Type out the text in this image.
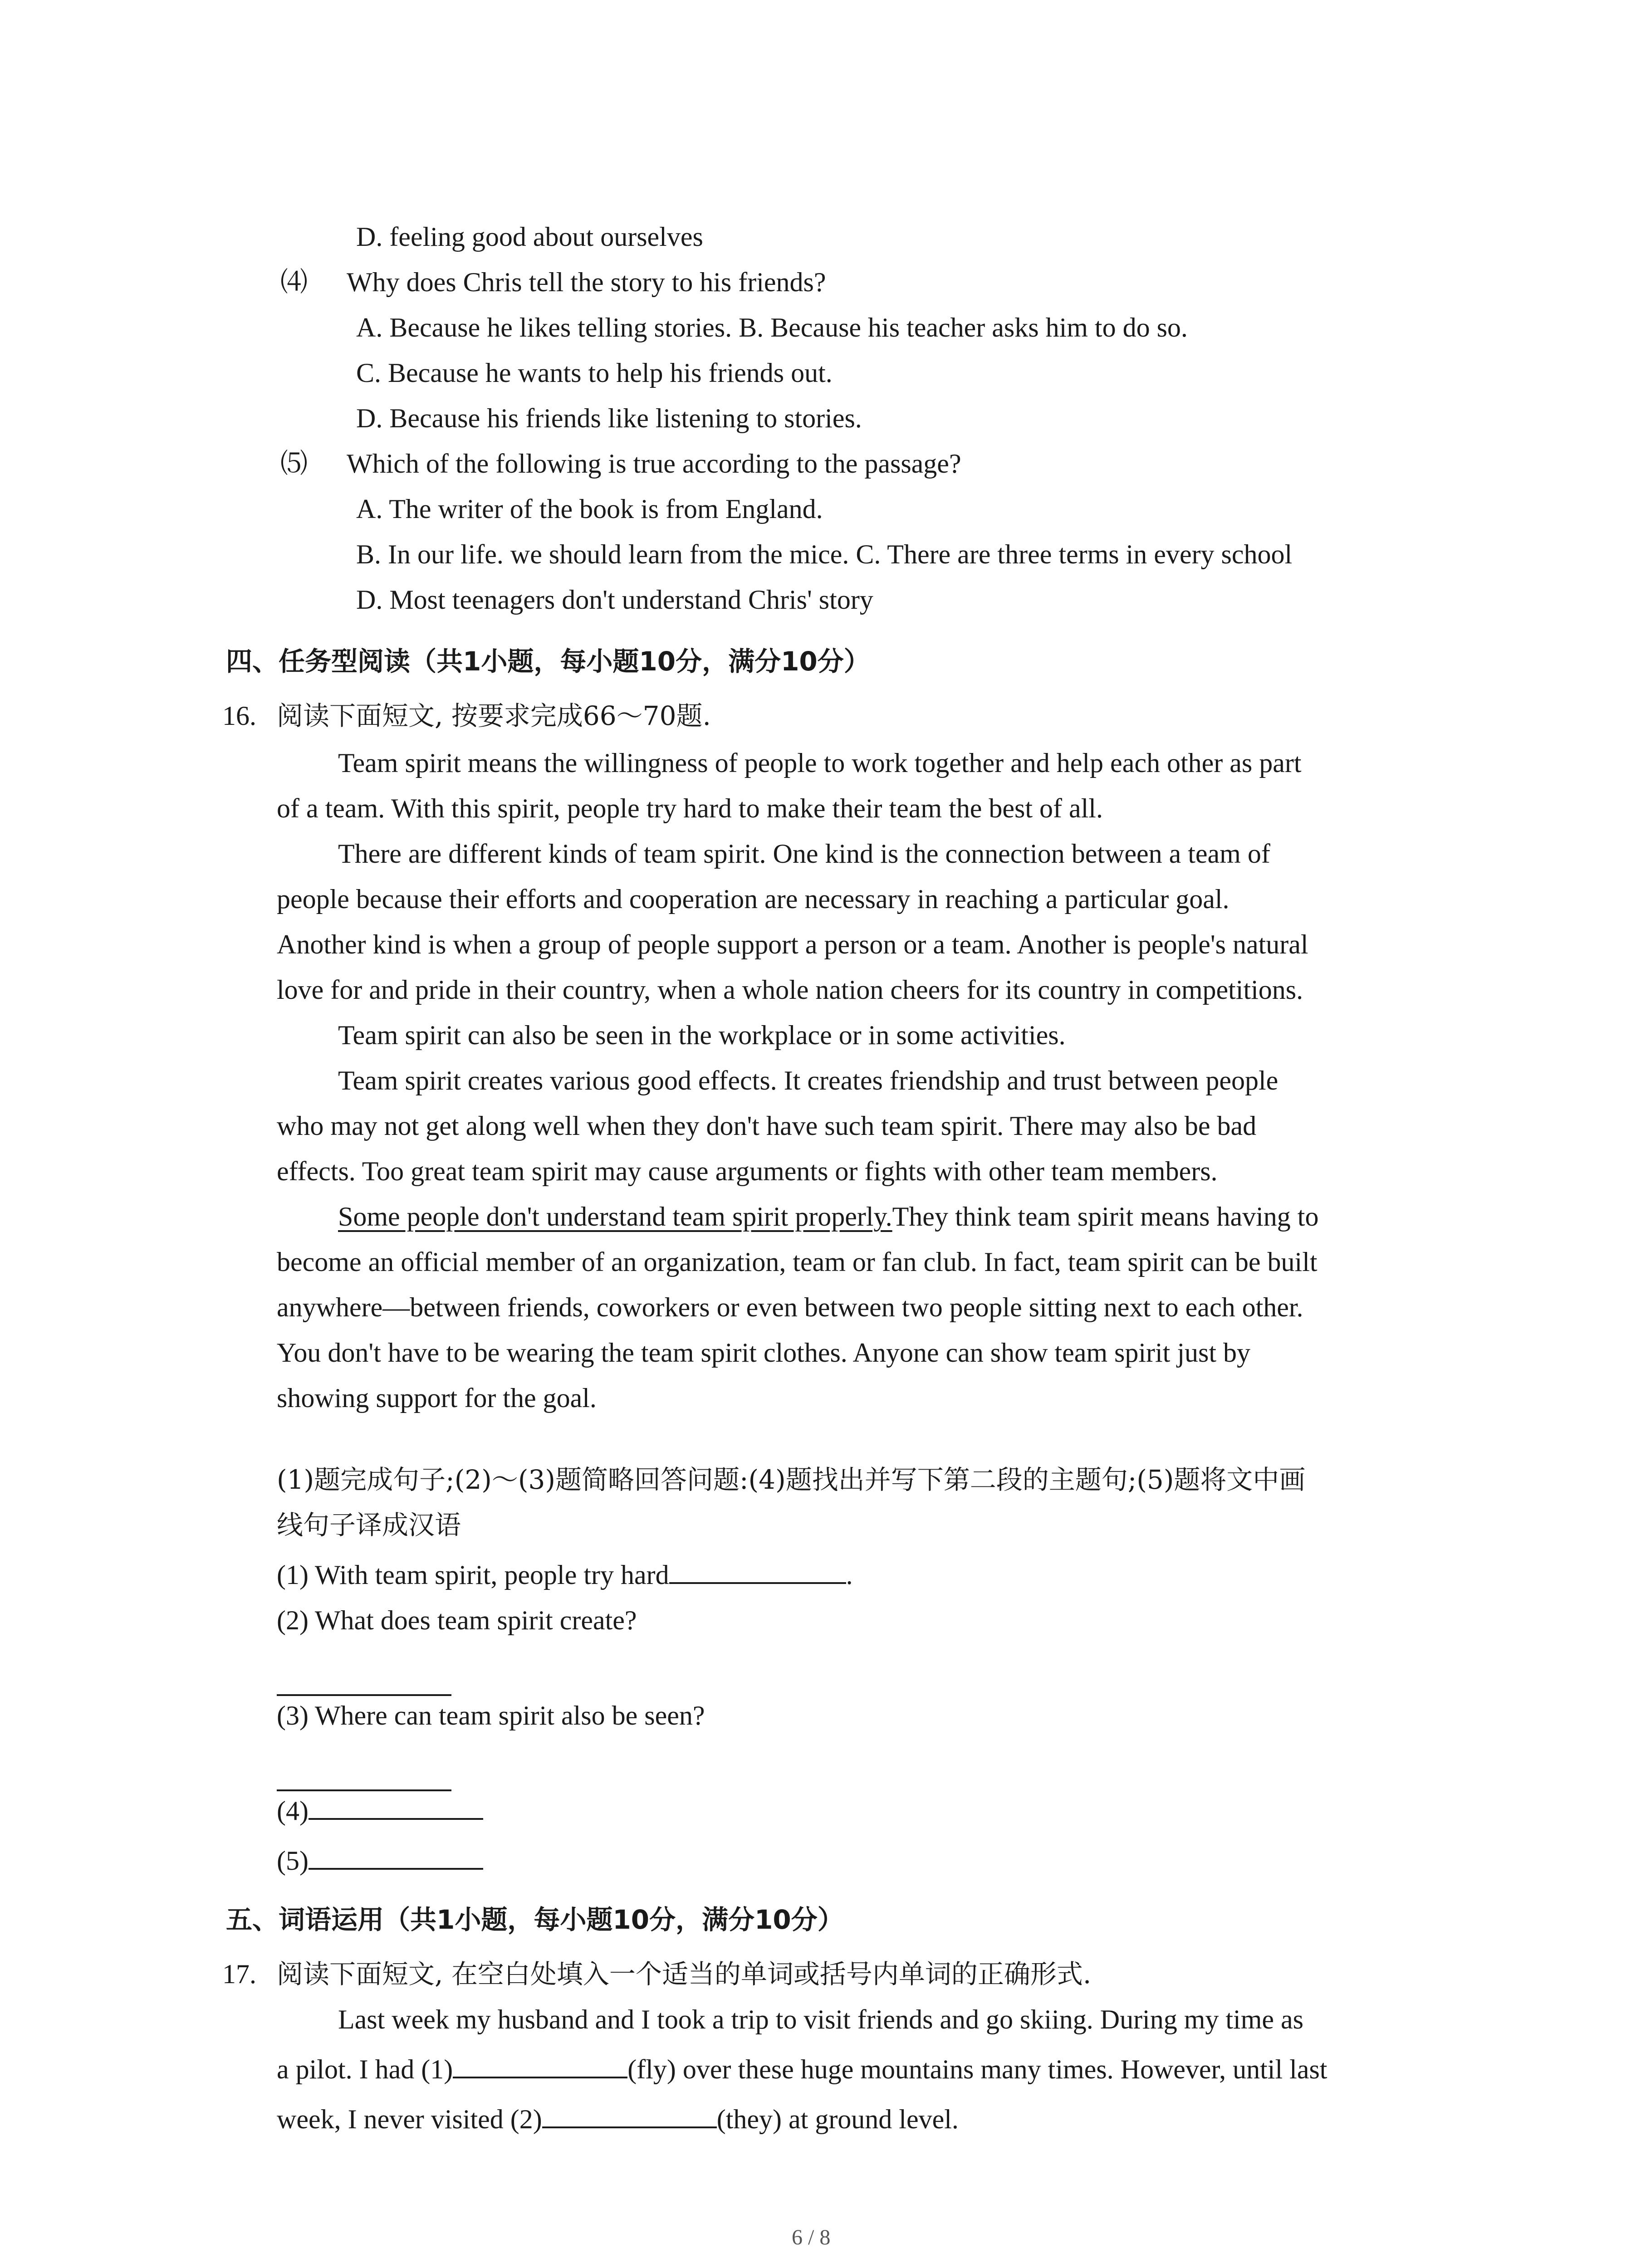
D. feeling good about ourselves
⑷ Why does Chris tell the story to his friends?
A. Because he likes telling stories. B. Because his teacher asks him to do so.
C. Because he wants to help his friends out.
D. Because his friends like listening to stories.
⑸ Which of the following is true according to the passage?
A. The writer of the book is from England.
B. In our life. we should learn from the mice. C. There are three terms in every school
D. Most teenagers don't understand Chris' story
四、任务型阅读（共1小题，每小题10分，满分10分）
16. 阅读下面短文, 按要求完成66～70题.
Team spirit means the willingness of people to work together and help each other as part
of a team. With this spirit, people try hard to make their team the best of all.
There are different kinds of team spirit. One kind is the connection between a team of
people because their efforts and cooperation are necessary in reaching a particular goal.
Another kind is when a group of people support a person or a team. Another is people's natural
love for and pride in their country, when a whole nation cheers for its country in competitions.
Team spirit can also be seen in the workplace or in some activities.
Team spirit creates various good effects. It creates friendship and trust between people
who may not get along well when they don't have such team spirit. There may also be bad
effects. Too great team spirit may cause arguments or fights with other team members.
Some people don't understand team spirit properly.They think team spirit means having to
become an official member of an organization, team or fan club. In fact, team spirit can be built
anywhere—between friends, coworkers or even between two people sitting next to each other.
You don't have to be wearing the team spirit clothes. Anyone can show team spirit just by
showing support for the goal.
(1)题完成句子;(2)～(3)题简略回答问题:(4)题找出并写下第二段的主题句;(5)题将文中画
线句子译成汉语
(1) With team spirit, people try hard	.
(2) What does team spirit create?
(3) Where can team spirit also be seen?
(4)
(5)
五、词语运用（共1小题，每小题10分，满分10分）
17. 阅读下面短文, 在空白处填入一个适当的单词或括号内单词的正确形式.
Last week my husband and I took a trip to visit friends and go skiing. During my time as
a pilot. I had (1)	(fly) over these huge mountains many times. However, until last
week, I never visited (2)	(they) at ground level.
6 / 8
